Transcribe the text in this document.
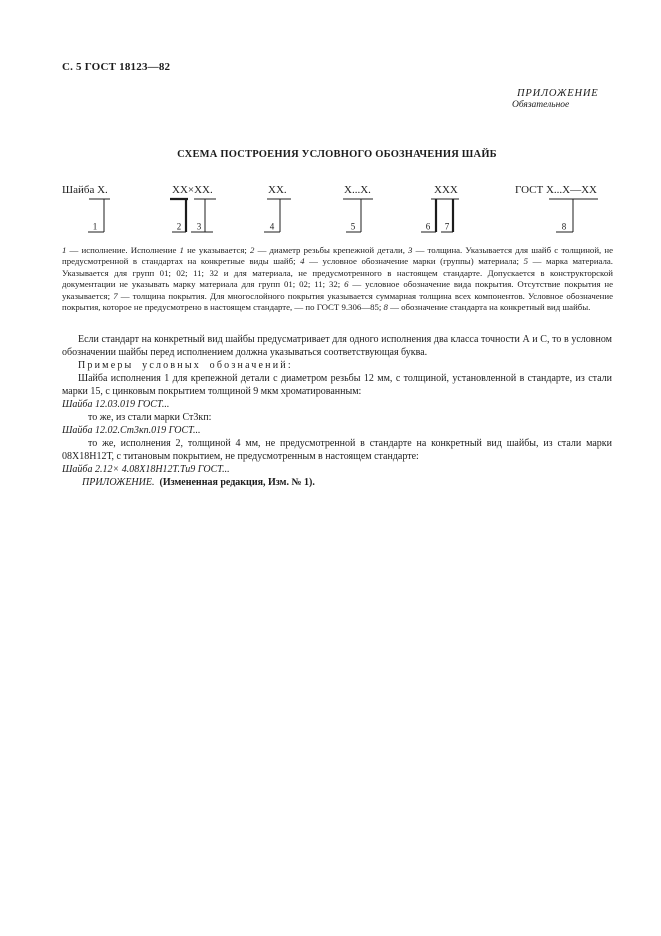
С. 5 ГОСТ 18123—82
ПРИЛОЖЕНИЕ
Обязательное
СХЕМА ПОСТРОЕНИЯ УСЛОВНОГО ОБОЗНАЧЕНИЯ ШАЙБ
Шайба X.	XX×XX.	XX.	X...X.	XXX	ГОСТ X...X—XX
1	2 3	4	5	6 7	8
1 — исполнение. Исполнение 1 не указывается; 2 — диаметр резьбы крепежной детали, 3 — толщина. Указывается для шайб с толщиной, не предусмотренной в стандартах на конкретные виды шайб; 4 — условное обозначение марки (группы) материала; 5 — марка материала. Указывается для групп 01; 02; 11; 32 и для материала, не предусмотренного в настоящем стандарте. Допускается в конструкторской документации не указывать марку материала для групп 01; 02; 11; 32; 6 — условное обозначение вида покрытия. Отсутствие покрытия не указывается; 7 — толщина покрытия. Для многослойного покрытия указывается суммарная толщина всех компонентов. Условное обозначение покрытия, которое не предусмотрено в настоящем стандарте, — по ГОСТ 9.306—85; 8 — обозначение стандарта на конкретный вид шайбы.

Если стандарт на конкретный вид шайбы предусматривает для одного исполнения два класса точности А и С, то в условном обозначении шайбы перед исполнением должна указываться соответствующая буква.

Примеры условных обозначений:

Шайба исполнения 1 для крепежной детали с диаметром резьбы 12 мм, с толщиной, установленной в стандарте, из стали марки 15, с цинковым покрытием толщиной 9 мкм хроматированным:

Шайба 12.03.019 ГОСТ...

то же, из стали марки Ст3кп:

Шайба 12.02.Ст3кп.019 ГОСТ...

то же, исполнения 2, толщиной 4 мм, не предусмотренной в стандарте на конкретный вид шайбы, из стали марки 08Х18Н12Т, с титановым покрытием, не предусмотренным в настоящем стандарте:

Шайба 2.12× 4.08Х18Н12Т.Ти9 ГОСТ...

ПРИЛОЖЕНИЕ. (Измененная редакция, Изм. № 1).
